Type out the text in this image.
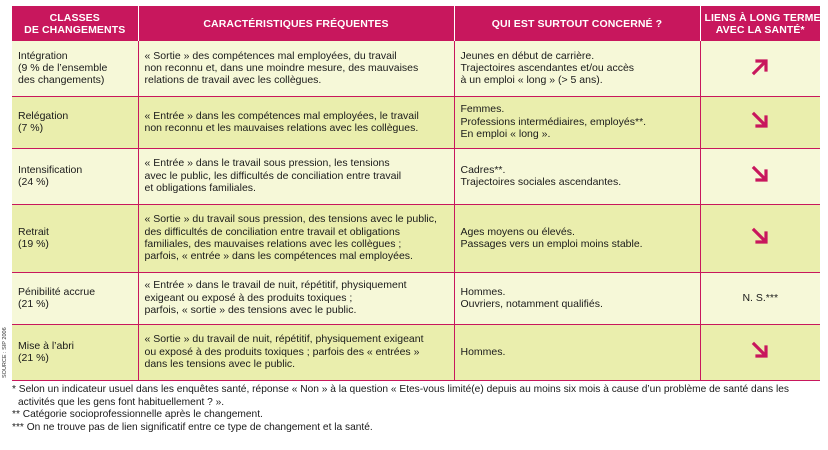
CLASSES
DE CHANGEMENTS	CARACTÉRISTIQUES FRÉQUENTES	QUI EST SURTOUT CONCERNÉ ?	LIENS À LONG TERME
AVEC LA SANTÉ*

Intégration
(9 % de l’ensemble
des changements)	« Sortie » des compétences mal employées, du travail
non reconnu et, dans une moindre mesure, des mauvaises
relations de travail avec les collègues.	Jeunes en début de carrière.
Trajectoires ascendantes et/ou accès
à un emploi « long » (> 5 ans).

Relégation
(7 %)	« Entrée » dans les compétences mal employées, le travail
non reconnu et les mauvaises relations avec les collègues.	Femmes.
Professions intermédiaires, employés**.
En emploi « long ».

Intensification
(24 %)	« Entrée » dans le travail sous pression, les tensions
avec le public, les difficultés de conciliation entre travail
et obligations familiales.	Cadres**.
Trajectoires sociales ascendantes.

Retrait
(19 %)	« Sortie » du travail sous pression, des tensions avec le public,
des difficultés de conciliation entre travail et obligations
familiales, des mauvaises relations avec les collègues ;
parfois, « entrée » dans les compétences mal employées.	Ages moyens ou élevés.
Passages vers un emploi moins stable.

Pénibilité accrue
(21 %)	« Entrée » dans le travail de nuit, répétitif, physiquement
exigeant ou exposé à des produits toxiques ;
parfois, « sortie » des tensions avec le public.	Hommes.
Ouvriers, notamment qualifiés.	N. S.***

Mise à l’abri
(21 %)	« Sortie » du travail de nuit, répétitif, physiquement exigeant
ou exposé à des produits toxiques ; parfois des « entrées »
dans les tensions avec le public.	Hommes.

SOURCE : SIP 2006

* Selon un indicateur usuel dans les enquêtes santé, réponse « Non » à la question « Etes-vous limité(e) depuis au moins six mois à cause d’un problème de santé dans les

activités que les gens font habituellement ? ».

** Catégorie socioprofessionnelle après le changement.

*** On ne trouve pas de lien significatif entre ce type de changement et la santé.
